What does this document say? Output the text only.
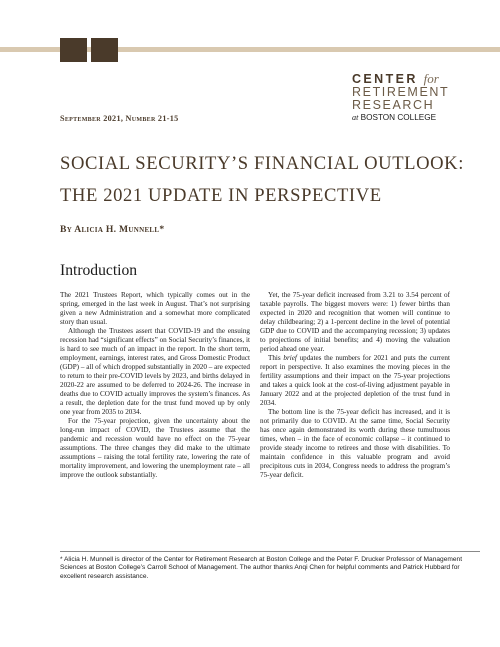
CENTER for
RETIREMENT
RESEARCH
at BOSTON COLLEGE
September 2021, Number 21-15
SOCIAL SECURITY’S FINANCIAL OUTLOOK:
THE 2021 UPDATE IN PERSPECTIVE
By Alicia H. Munnell*
Introduction

The 2021 Trustees Report, which typically comes out in the spring, emerged in the last week in August. That’s not surprising given a new Administration and a somewhat more complicated story than usual.

Although the Trustees assert that COVID-19 and the ensuing recession had “significant effects” on Social Security’s finances, it is hard to see much of an impact in the report. In the short term, employment, earnings, interest rates, and Gross Domestic Product (GDP) – all of which dropped substantially in 2020 – are expected to return to their pre-COVID levels by 2023, and births delayed in 2020-22 are assumed to be deferred to 2024-26. The increase in deaths due to COVID actually improves the system’s finances. As a result, the depletion date for the trust fund moved up by only one year from 2035 to 2034.

For the 75-year projection, given the uncertainty about the long-run impact of COVID, the Trustees assume that the pandemic and recession would have no effect on the 75-year assumptions. The three changes they did make to the ultimate assumptions – raising the total fertility rate, lowering the rate of mortality improvement, and lowering the unemployment rate – all improve the outlook substantially.

Yet, the 75-year deficit increased from 3.21 to 3.54 percent of taxable payrolls. The biggest movers were: 1) fewer births than expected in 2020 and recognition that women will continue to delay childbearing; 2) a 1-percent decline in the level of potential GDP due to COVID and the accompanying recession; 3) updates to projections of initial benefits; and 4) moving the valuation period ahead one year.

This brief updates the numbers for 2021 and puts the current report in perspective. It also examines the moving pieces in the fertility assumptions and their impact on the 75-year projections and takes a quick look at the cost-of-living adjustment payable in January 2022 and at the projected depletion of the trust fund in 2034.

The bottom line is the 75-year deficit has increased, and it is not primarily due to COVID. At the same time, Social Security has once again demonstrated its worth during these tumultuous times, when – in the face of economic collapse – it continued to provide steady income to retirees and those with disabilities. To maintain confidence in this valuable program and avoid precipitous cuts in 2034, Congress needs to address the program’s 75-year deficit.

* Alicia H. Munnell is director of the Center for Retirement Research at Boston College and the Peter F. Drucker Professor of Management Sciences at Boston College’s Carroll School of Management. The author thanks Anqi Chen for helpful comments and Patrick Hubbard for excellent research assistance.
